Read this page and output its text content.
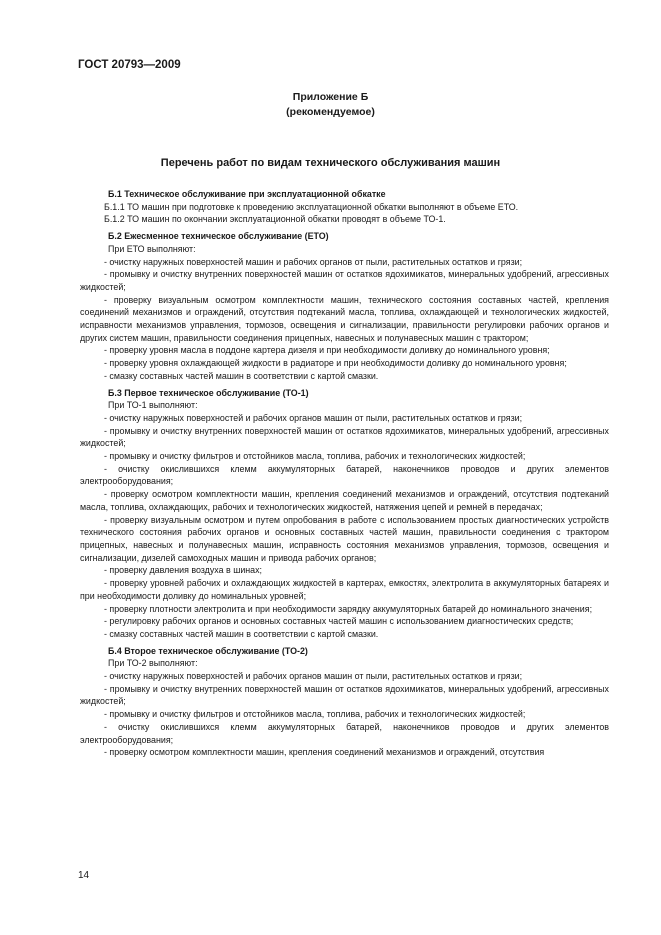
ГОСТ 20793—2009
Приложение Б
(рекомендуемое)
Перечень работ по видам технического обслуживания машин

Б.1 Техническое обслуживание при эксплуатационной обкатке

Б.1.1 ТО машин при подготовке к проведению эксплуатационной обкатки выполняют в объеме ЕТО.

Б.1.2 ТО машин по окончании эксплуатационной обкатки проводят в объеме ТО-1.

Б.2 Ежесменное техническое обслуживание (ЕТО)

При ЕТО выполняют:

- очистку наружных поверхностей машин и рабочих органов от пыли, растительных остатков и грязи;

- промывку и очистку внутренних поверхностей машин от остатков ядохимикатов, минеральных удобрений, агрессивных жидкостей;

- проверку визуальным осмотром комплектности машин, технического состояния составных частей, крепления соединений механизмов и ограждений, отсутствия подтеканий масла, топлива, охлаждающей и технологических жидкостей, исправности механизмов управления, тормозов, освещения и сигнализации, правильности регулировки рабочих органов и других систем машин, правильности соединения прицепных, навесных и полунавесных машин с трактором;

- проверку уровня масла в поддоне картера дизеля и при необходимости доливку до номинального уровня;

- проверку уровня охлаждающей жидкости в радиаторе и при необходимости доливку до номинального уровня;

- смазку составных частей машин в соответствии с картой смазки.

Б.3 Первое техническое обслуживание (ТО-1)

При ТО-1 выполняют:

- очистку наружных поверхностей и рабочих органов машин от пыли, растительных остатков и грязи;

- промывку и очистку внутренних поверхностей машин от остатков ядохимикатов, минеральных удобрений, агрессивных жидкостей;

- промывку и очистку фильтров и отстойников масла, топлива, рабочих и технологических жидкостей;

- очистку окислившихся клемм аккумуляторных батарей, наконечников проводов и других элементов электрооборудования;

- проверку осмотром комплектности машин, крепления соединений механизмов и ограждений, отсутствия подтеканий масла, топлива, охлаждающих, рабочих и технологических жидкостей, натяжения цепей и ремней в передачах;

- проверку визуальным осмотром и путем опробования в работе с использованием простых диагностических устройств технического состояния рабочих органов и основных составных частей машин, правильности соединения с трактором прицепных, навесных и полунавесных машин, исправность состояния механизмов управления, тормозов, освещения и сигнализации, дизелей самоходных машин и привода рабочих органов;

- проверку давления воздуха в шинах;

- проверку уровней рабочих и охлаждающих жидкостей в картерах, емкостях, электролита в аккумуляторных батареях и при необходимости доливку до номинальных уровней;

- проверку плотности электролита и при необходимости зарядку аккумуляторных батарей до номинального значения;

- регулировку рабочих органов и основных составных частей машин с использованием диагностических средств;

- смазку составных частей машин в соответствии с картой смазки.

Б.4 Второе техническое обслуживание (ТО-2)

При ТО-2 выполняют:

- очистку наружных поверхностей и рабочих органов машин от пыли, растительных остатков и грязи;

- промывку и очистку внутренних поверхностей машин от остатков ядохимикатов, минеральных удобрений, агрессивных жидкостей;

- промывку и очистку фильтров и отстойников масла, топлива, рабочих и технологических жидкостей;

- очистку окислившихся клемм аккумуляторных батарей, наконечников проводов и других элементов электрооборудования;

- проверку осмотром комплектности машин, крепления соединений механизмов и ограждений, отсутствия

14
